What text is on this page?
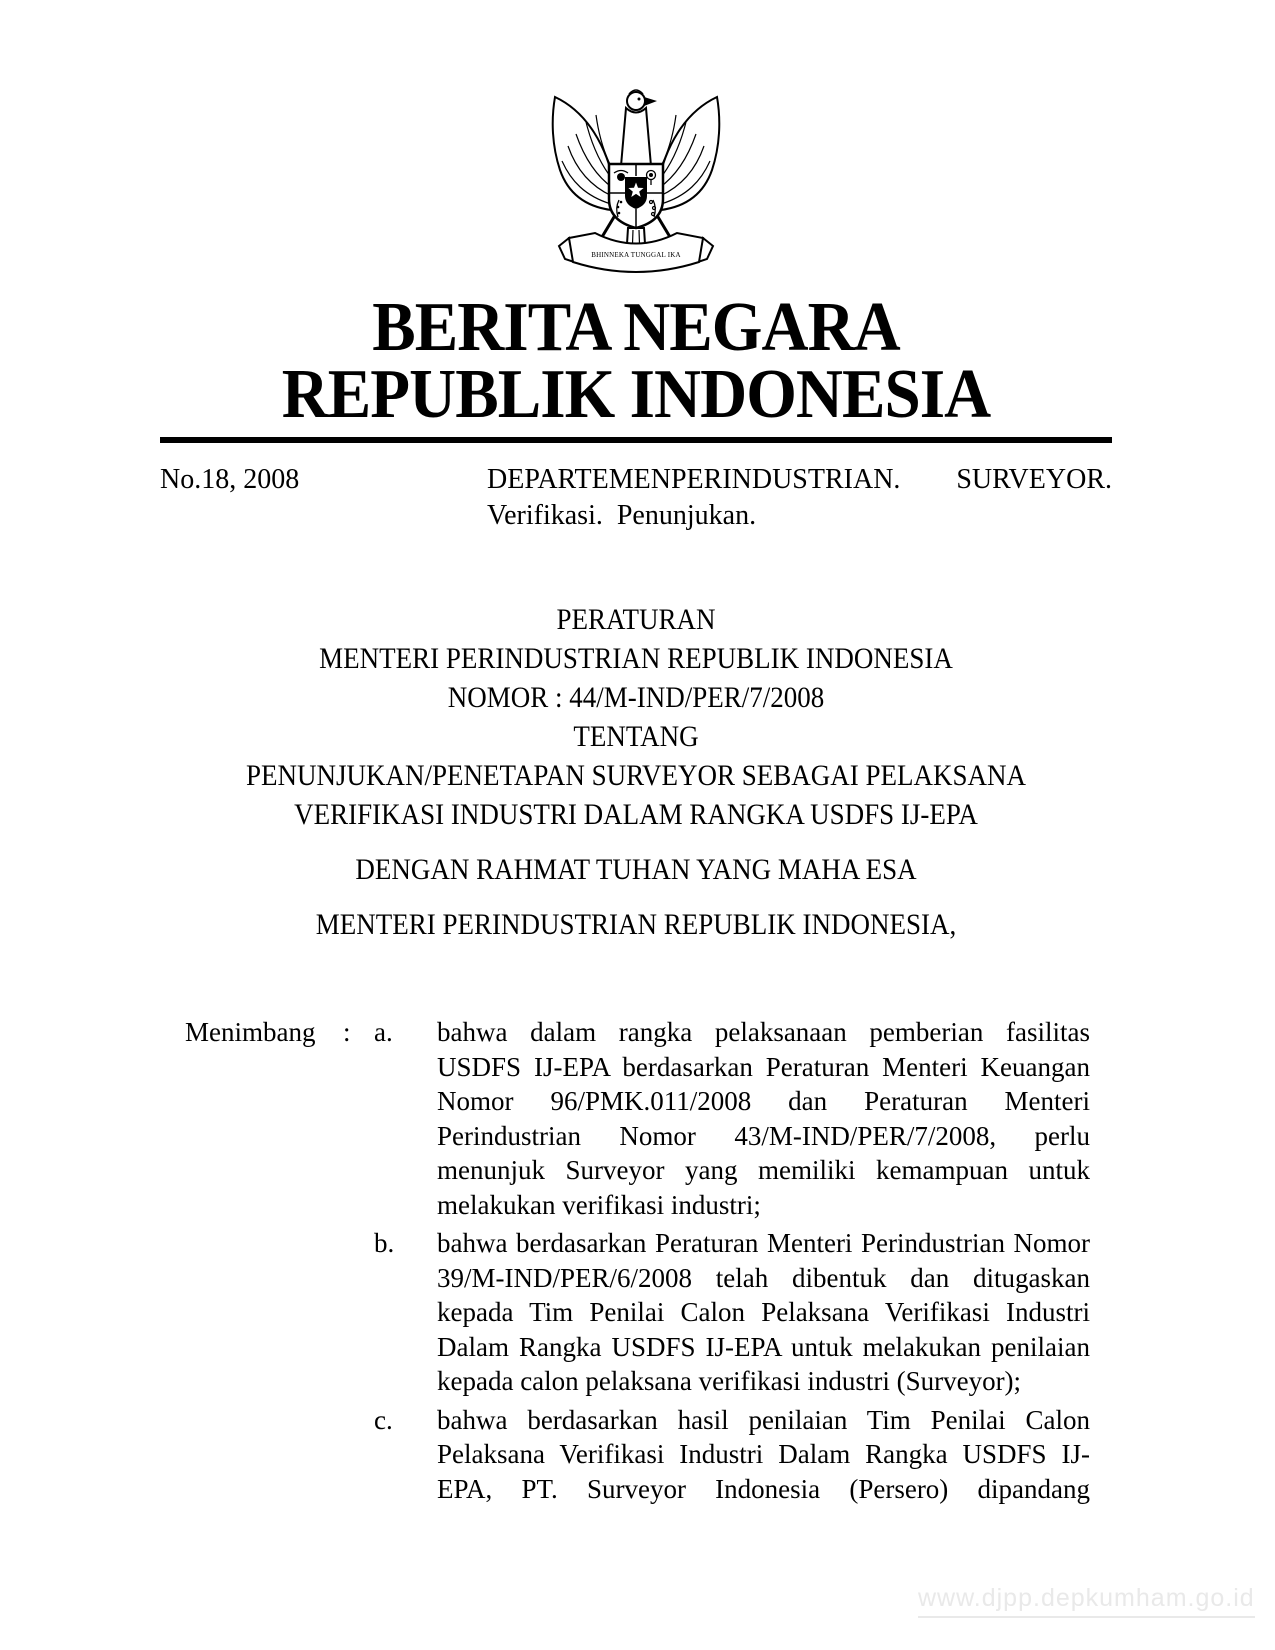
BHINNEKA TUNGGAL IKA
BERITA NEGARA
REPUBLIK INDONESIA
No.18, 2008	DEPARTEMENPERINDUSTRIAN. SURVEYOR.
Verifikasi. Penunjukan.
PERATURAN
MENTERI PERINDUSTRIAN REPUBLIK INDONESIA
NOMOR : 44/M-IND/PER/7/2008
TENTANG
PENUNJUKAN/PENETAPAN SURVEYOR SEBAGAI PELAKSANA
VERIFIKASI INDUSTRI DALAM RANGKA USDFS IJ-EPA
DENGAN RAHMAT TUHAN YANG MAHA ESA
MENTERI PERINDUSTRIAN REPUBLIK INDONESIA,
Menimbang	: a.	bahwa dalam rangka pelaksanaan pemberian fasilitas USDFS IJ-EPA berdasarkan Peraturan Menteri Keuangan Nomor 96/PMK.011/2008 dan Peraturan Menteri Perindustrian Nomor 43/M-IND/PER/7/2008, perlu menunjuk Surveyor yang memiliki kemampuan untuk melakukan verifikasi industri;
b.	bahwa berdasarkan Peraturan Menteri Perindustrian Nomor 39/M-IND/PER/6/2008 telah dibentuk dan ditugaskan kepada Tim Penilai Calon Pelaksana Verifikasi Industri Dalam Rangka USDFS IJ-EPA untuk melakukan penilaian kepada calon pelaksana verifikasi industri (Surveyor);
c.	bahwa berdasarkan hasil penilaian Tim Penilai Calon Pelaksana Verifikasi Industri Dalam Rangka USDFS IJ-EPA, PT. Surveyor Indonesia (Persero) dipandang
www.djpp.depkumham.go.id
